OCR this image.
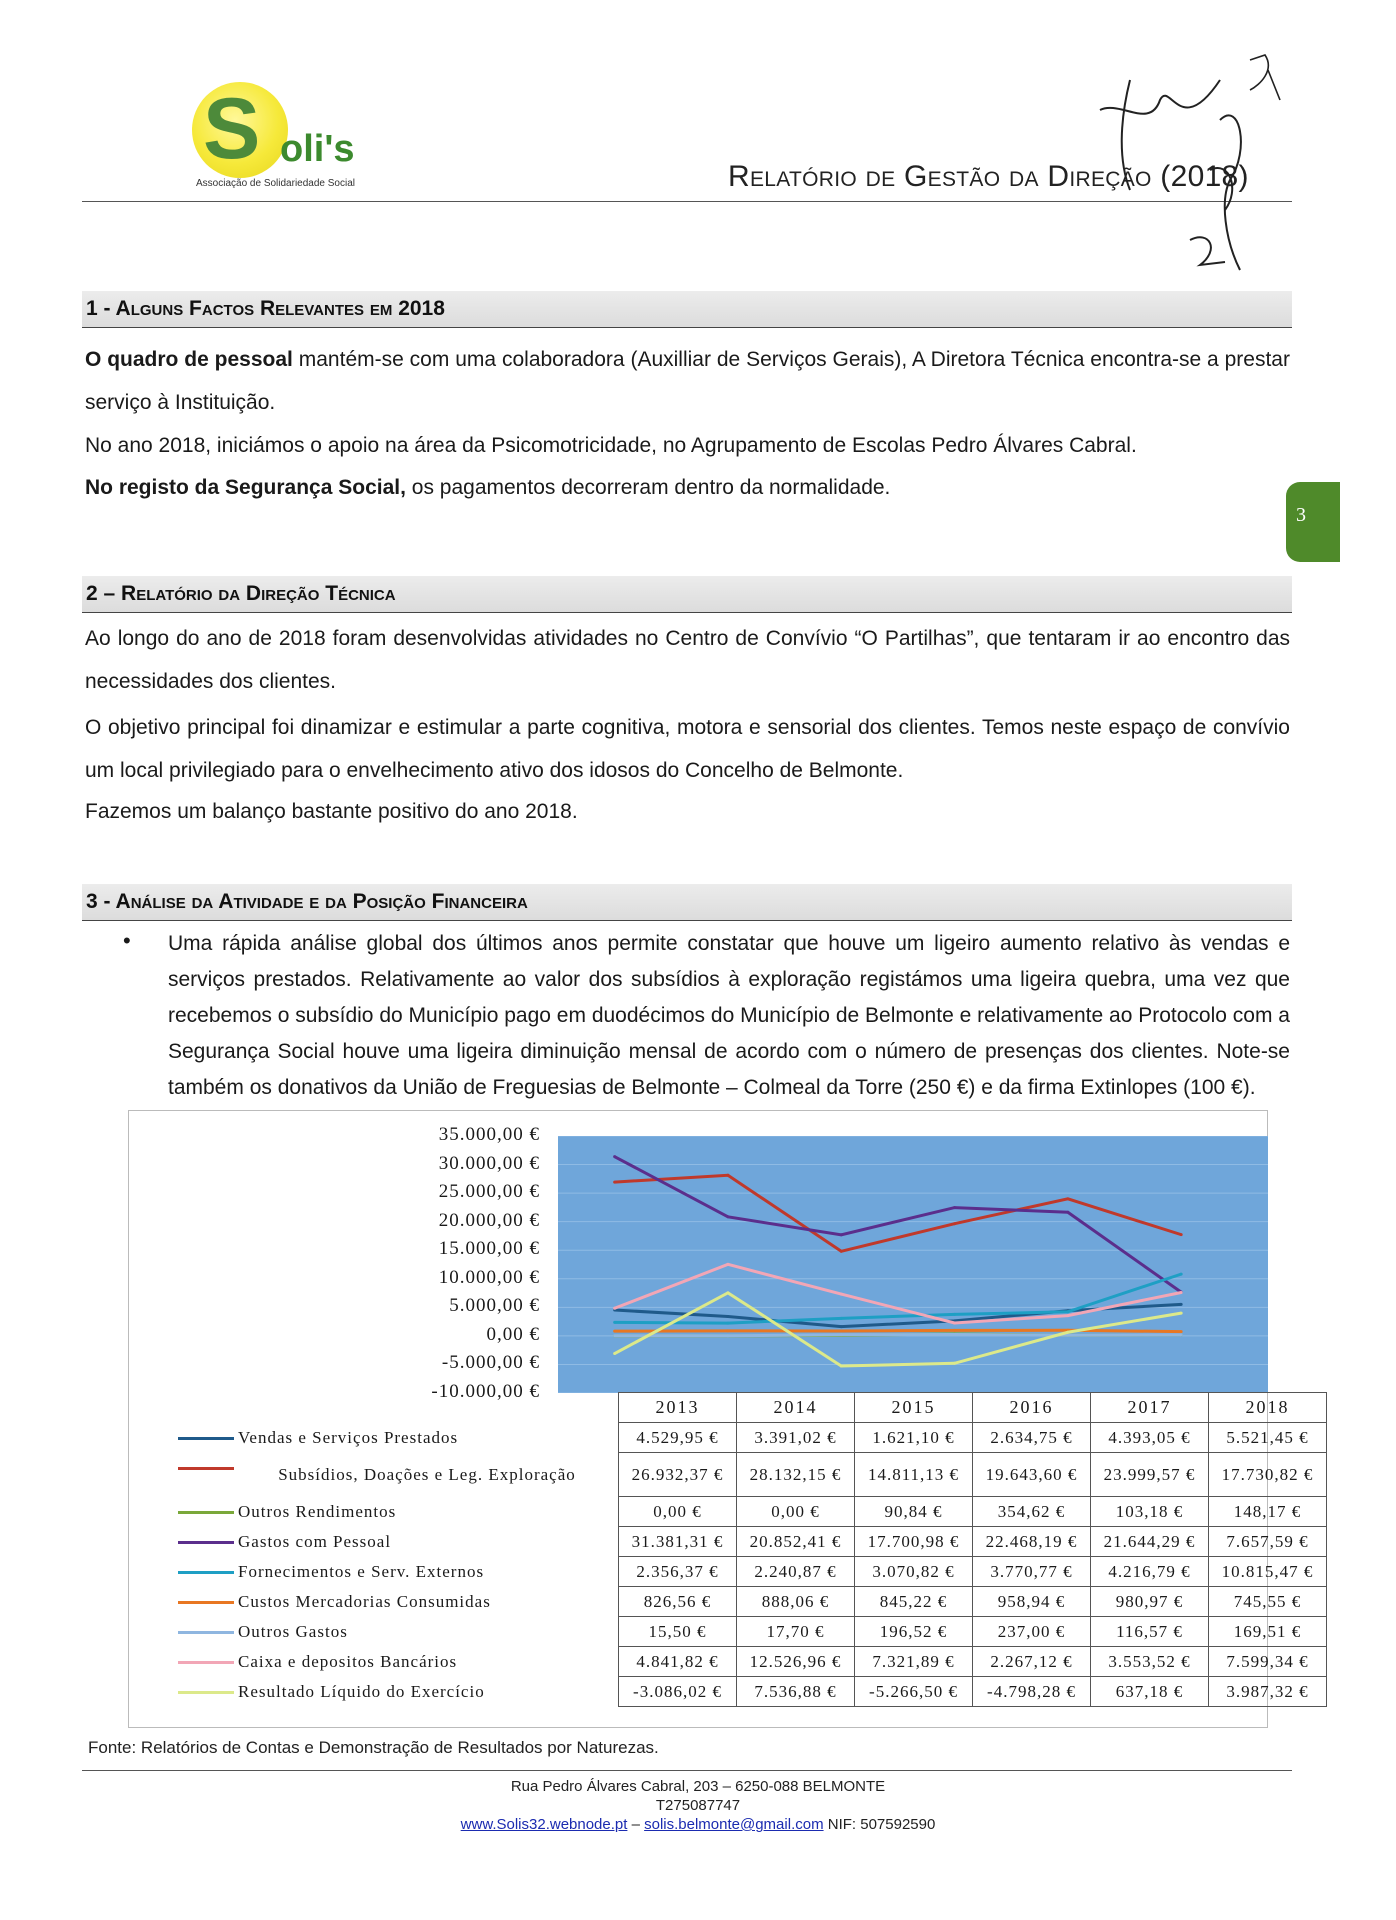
S oli's
Associação de Solidariedade Social	Relatório de Gestão da Direção (2018)
3
1 - Alguns Factos Relevantes em 2018
O quadro de pessoal mantém-se com uma colaboradora (Auxilliar de Serviços Gerais), A Diretora Técnica encontra-se a prestar serviço à Instituição.
No ano 2018, iniciámos o apoio na área da Psicomotricidade, no Agrupamento de Escolas Pedro Álvares Cabral.
No registo da Segurança Social, os pagamentos decorreram dentro da normalidade.
2 – Relatório da Direção Técnica
Ao longo do ano de 2018 foram desenvolvidas atividades no Centro de Convívio “O Partilhas”, que tentaram ir ao encontro das necessidades dos clientes.
O objetivo principal foi dinamizar e estimular a parte cognitiva, motora e sensorial dos clientes. Temos neste espaço de convívio um local privilegiado para o envelhecimento ativo dos idosos do Concelho de Belmonte.
Fazemos um balanço bastante positivo do ano 2018.
3 - Análise da Atividade e da Posição Financeira
• Uma rápida análise global dos últimos anos permite constatar que houve um ligeiro aumento relativo às vendas e serviços prestados. Relativamente ao valor dos subsídios à exploração registámos uma ligeira quebra, uma vez que recebemos o subsídio do Município pago em duodécimos do Município de Belmonte e relativamente ao Protocolo com a Segurança Social houve uma ligeira diminuição mensal de acordo com o número de presenças dos clientes. Note-se também os donativos da União de Freguesias de Belmonte – Colmeal da Torre (250 €) e da firma Extinlopes (100 €).
35.000,00 €
30.000,00 €
25.000,00 €
20.000,00 €
15.000,00 €
10.000,00 €
5.000,00 €
0,00 €
-5.000,00 €
-10.000,00 €
	2013	2014	2015	2016	2017	2018

Vendas e Serviços Prestados	4.529,95 €	3.391,02 €	1.621,10 €	2.634,75 €	4.393,05 €	5.521,45 €

Subsídios, Doações e Leg. Exploração	26.932,37 €	28.132,15 €	14.811,13 €	19.643,60 €	23.999,57 €	17.730,82 €

Outros Rendimentos	0,00 €	0,00 €	90,84 €	354,62 €	103,18 €	148,17 €

Gastos com Pessoal	31.381,31 €	20.852,41 €	17.700,98 €	22.468,19 €	21.644,29 €	7.657,59 €

Fornecimentos e Serv. Externos	2.356,37 €	2.240,87 €	3.070,82 €	3.770,77 €	4.216,79 €	10.815,47 €

Custos Mercadorias Consumidas	826,56 €	888,06 €	845,22 €	958,94 €	980,97 €	745,55 €

Outros Gastos	15,50 €	17,70 €	196,52 €	237,00 €	116,57 €	169,51 €

Caixa e depositos Bancários	4.841,82 €	12.526,96 €	7.321,89 €	2.267,12 €	3.553,52 €	7.599,34 €

Resultado Líquido do Exercício	-3.086,02 €	7.536,88 €	-5.266,50 €	-4.798,28 €	637,18 €	3.987,32 €
Fonte: Relatórios de Contas e Demonstração de Resultados por Naturezas.
Rua Pedro Álvares Cabral, 203 – 6250-088 BELMONTE
T275087747
www.Solis32.webnode.pt – solis.belmonte@gmail.com NIF: 507592590
